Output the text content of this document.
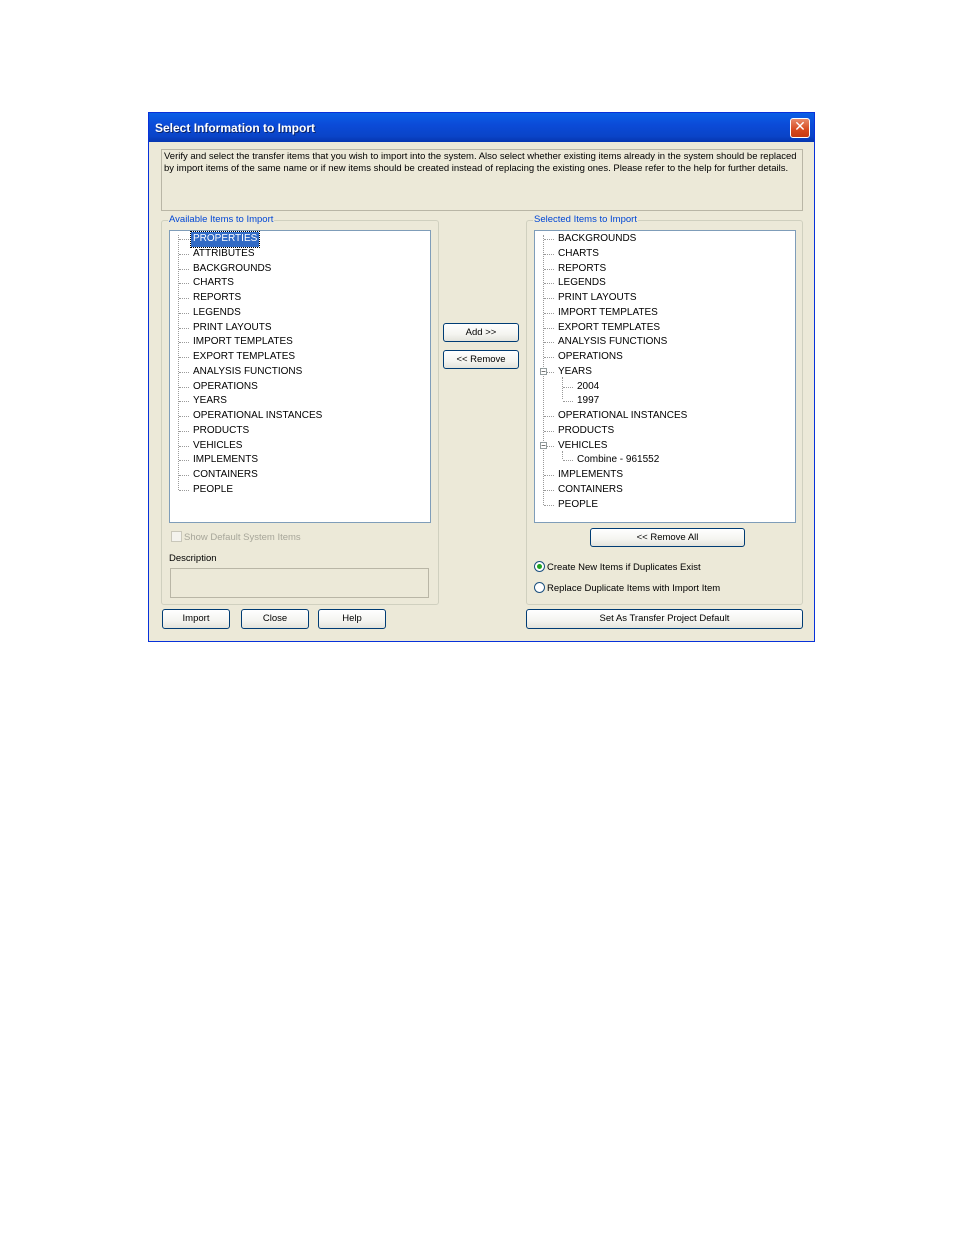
Select Information to Import	✕
Verify and select the transfer items that you wish to import into the system. Also select whether existing items already in the system should be replaced by import items of the same name or if new items should be created instead of replacing the existing ones. Please refer to the help for further details.
Available Items to Import
PROPERTIES
ATTRIBUTES
BACKGROUNDS
CHARTS
REPORTS
LEGENDS
PRINT LAYOUTS
IMPORT TEMPLATES
EXPORT TEMPLATES
ANALYSIS FUNCTIONS
OPERATIONS
YEARS
OPERATIONAL INSTANCES
PRODUCTS
VEHICLES
IMPLEMENTS
CONTAINERS
PEOPLE
Show Default System Items
Description
Add >>
<< Remove
Selected Items to Import
BACKGROUNDS
CHARTS
REPORTS
LEGENDS
PRINT LAYOUTS
IMPORT TEMPLATES
EXPORT TEMPLATES
ANALYSIS FUNCTIONS
OPERATIONS
− YEARS
2004
1997
OPERATIONAL INSTANCES
PRODUCTS
− VEHICLES
Combine - 961552
IMPLEMENTS
CONTAINERS
PEOPLE
<< Remove All
Create New Items if Duplicates Exist
Replace Duplicate Items with Import Item
Import	Close	Help	Set As Transfer Project Default
